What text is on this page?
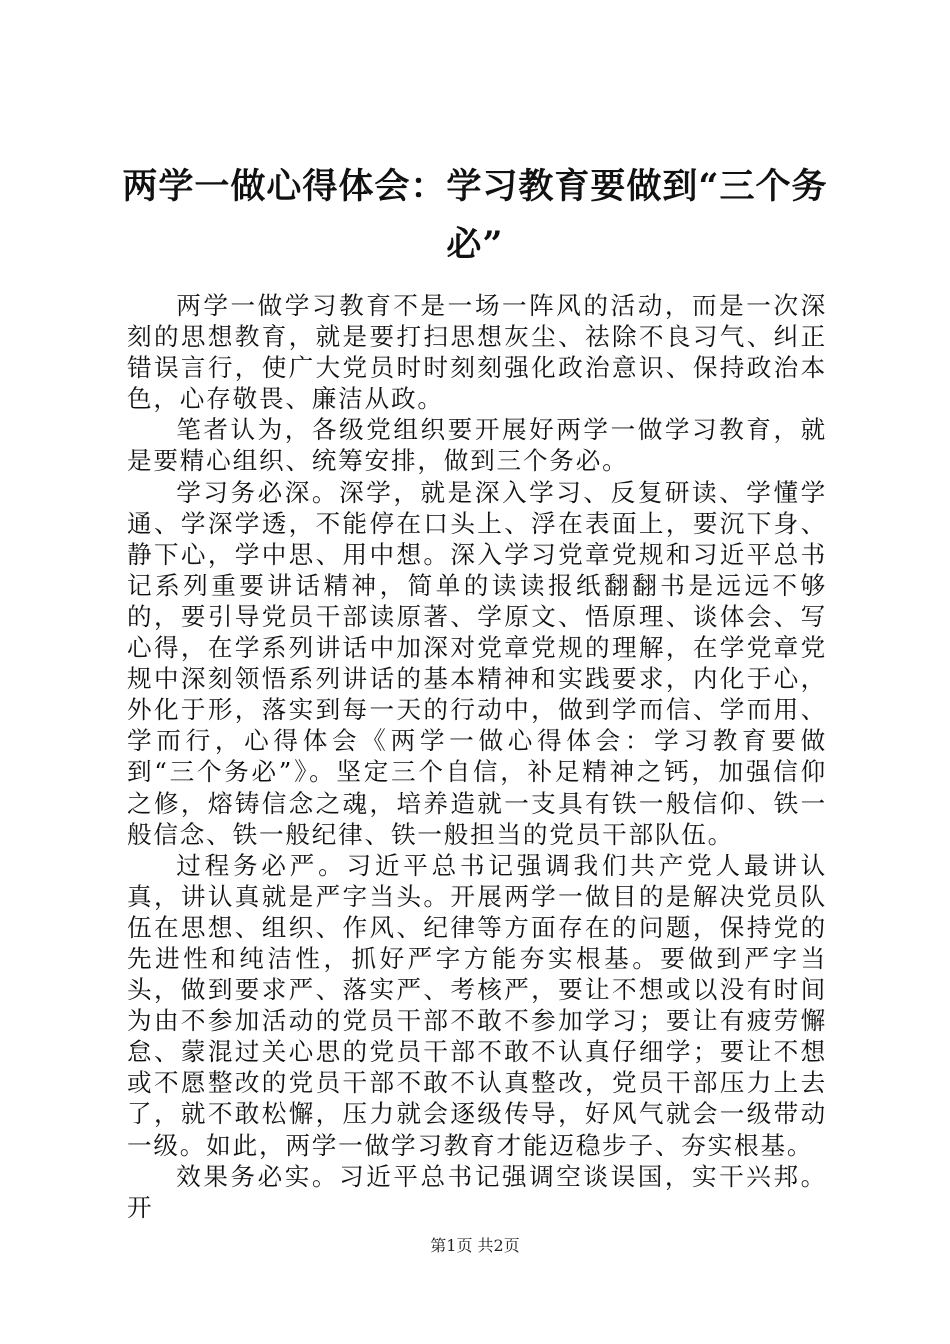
两学一做心得体会：学习教育要做到“三个务必”

两学一做学习教育不是一场一阵风的活动，而是一次深刻的思想教育，就是要打扫思想灰尘、祛除不良习气、纠正错误言行，使广大党员时时刻刻强化政治意识、保持政治本色，心存敬畏、廉洁从政。

笔者认为，各级党组织要开展好两学一做学习教育，就是要精心组织、统筹安排，做到三个务必。

学习务必深。深学，就是深入学习、反复研读、学懂学通、学深学透，不能停在口头上、浮在表面上，要沉下身、静下心，学中思、用中想。深入学习党章党规和习近平总书记系列重要讲话精神，简单的读读报纸翻翻书是远远不够的，要引导党员干部读原著、学原文、悟原理、谈体会、写心得，在学系列讲话中加深对党章党规的理解，在学党章党规中深刻领悟系列讲话的基本精神和实践要求，内化于心，外化于形，落实到每一天的行动中，做到学而信、学而用、学而行，心得体会《两学一做心得体会：学习教育要做到“三个务必”》。坚定三个自信，补足精神之钙，加强信仰之修，熔铸信念之魂，培养造就一支具有铁一般信仰、铁一般信念、铁一般纪律、铁一般担当的党员干部队伍。

过程务必严。习近平总书记强调我们共产党人最讲认真，讲认真就是严字当头。开展两学一做目的是解决党员队伍在思想、组织、作风、纪律等方面存在的问题，保持党的先进性和纯洁性，抓好严字方能夯实根基。要做到严字当头，做到要求严、落实严、考核严，要让不想或以没有时间为由不参加活动的党员干部不敢不参加学习；要让有疲劳懈怠、蒙混过关心思的党员干部不敢不认真仔细学；要让不想或不愿整改的党员干部不敢不认真整改，党员干部压力上去了，就不敢松懈，压力就会逐级传导，好风气就会一级带动一级。如此，两学一做学习教育才能迈稳步子、夯实根基。

效果务必实。习近平总书记强调空谈误国，实干兴邦。开

第1页 共2页
